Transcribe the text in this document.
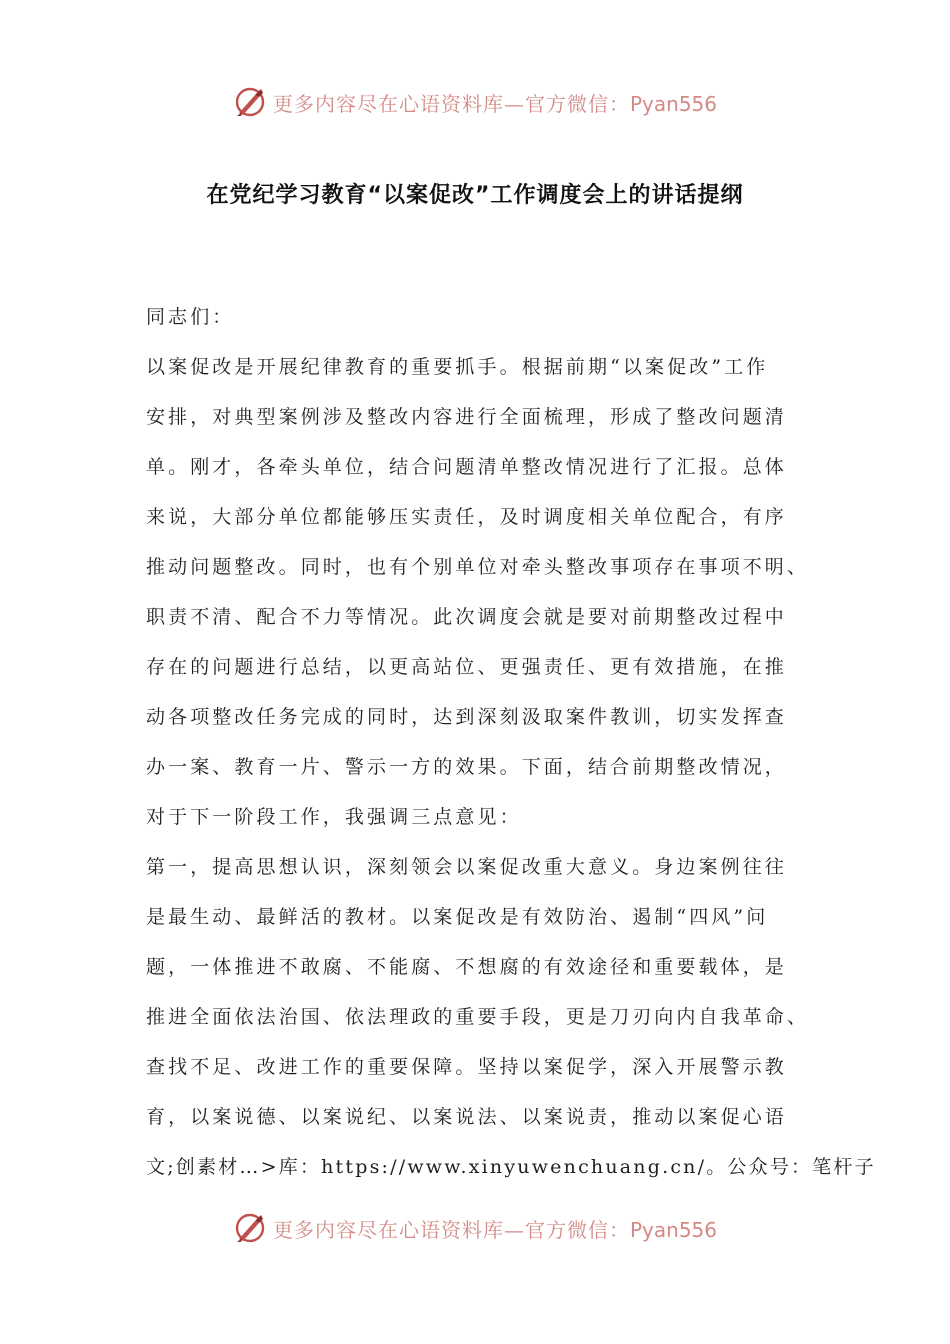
更多内容尽在心语资料库—官方微信：Pyan556
在党纪学习教育“以案促改”工作调度会上的讲话提纲
同志们：
以案促改是开展纪律教育的重要抓手。根据前期“以案促改”工作
安排，对典型案例涉及整改内容进行全面梳理，形成了整改问题清
单。刚才，各牵头单位，结合问题清单整改情况进行了汇报。总体
来说，大部分单位都能够压实责任，及时调度相关单位配合，有序
推动问题整改。同时，也有个别单位对牵头整改事项存在事项不明、
职责不清、配合不力等情况。此次调度会就是要对前期整改过程中
存在的问题进行总结，以更高站位、更强责任、更有效措施，在推
动各项整改任务完成的同时，达到深刻汲取案件教训，切实发挥查
办一案、教育一片、警示一方的效果。下面，结合前期整改情况，
对于下一阶段工作，我强调三点意见：
第一，提高思想认识，深刻领会以案促改重大意义。身边案例往往
是最生动、最鲜活的教材。以案促改是有效防治、遏制“四风”问
题，一体推进不敢腐、不能腐、不想腐的有效途径和重要载体，是
推进全面依法治国、依法理政的重要手段，更是刀刃向内自我革命、
查找不足、改进工作的重要保障。坚持以案促学，深入开展警示教
育，以案说德、以案说纪、以案说法、以案说责，推动以案促心语
文;创素材…>库：https://www.xinyuwenchuang.cn/。公众号：笔杆子
更多内容尽在心语资料库—官方微信：Pyan556
